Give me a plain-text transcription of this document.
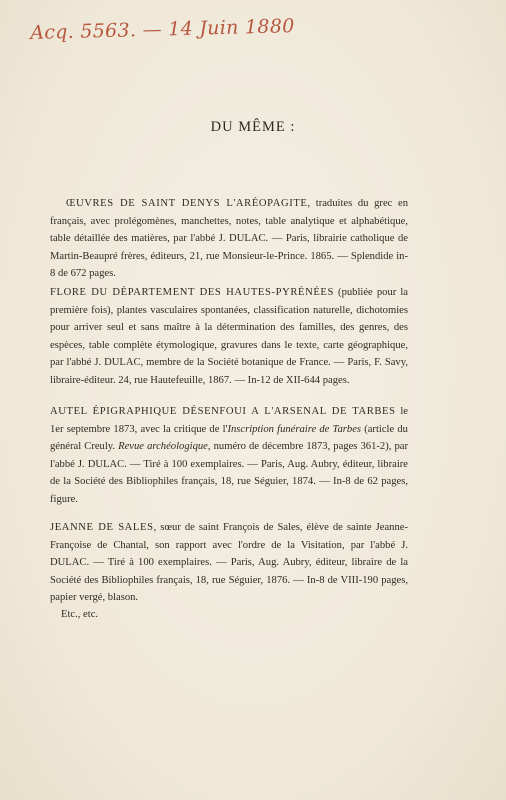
Acq. 5563. — 14 Juin 1880
DU MÊME :

ŒUVRES DE SAINT DENYS L'ARÉOPAGITE, traduites du grec en français, avec prolégomènes, manchettes, notes, table analytique et alphabétique, table détaillée des matières, par l'abbé J. DULAC. — Paris, librairie catholique de Martin-Beaupré frères, éditeurs, 21, rue Monsieur-le-Prince. 1865. — Splendide in-8 de 672 pages.

FLORE DU DÉPARTEMENT DES HAUTES-PYRÉNÉES (publiée pour la première fois), plantes vasculaires spontanées, classification naturelle, dichotomies pour arriver seul et sans maître à la détermination des familles, des genres, des espèces, table complète étymologique, gravures dans le texte, carte géographique, par l'abbé J. DULAC, membre de la Société botanique de France. — Paris, F. Savy, libraire-éditeur. 24, rue Hautefeuille, 1867. — In-12 de XII-644 pages.

AUTEL ÉPIGRAPHIQUE DÉSENFOUI A L'ARSENAL DE TARBES le 1er septembre 1873, avec la critique de l'Inscription funéraire de Tarbes (article du général Creuly. Revue archéologique, numéro de décembre 1873, pages 361-2), par l'abbé J. DULAC. — Tiré à 100 exemplaires. — Paris, Aug. Aubry, éditeur, libraire de la Société des Bibliophiles français, 18, rue Séguier, 1874. — In-8 de 62 pages, figure.

JEANNE DE SALES, sœur de saint François de Sales, élève de sainte Jeanne-Françoise de Chantal, son rapport avec l'ordre de la Visitation, par l'abbé J. DULAC. — Tiré à 100 exemplaires. — Paris, Aug. Aubry, éditeur, libraire de la Société des Bibliophiles français, 18, rue Séguier, 1876. — In-8 de VIII-190 pages, papier vergé, blason.

Etc., etc.
